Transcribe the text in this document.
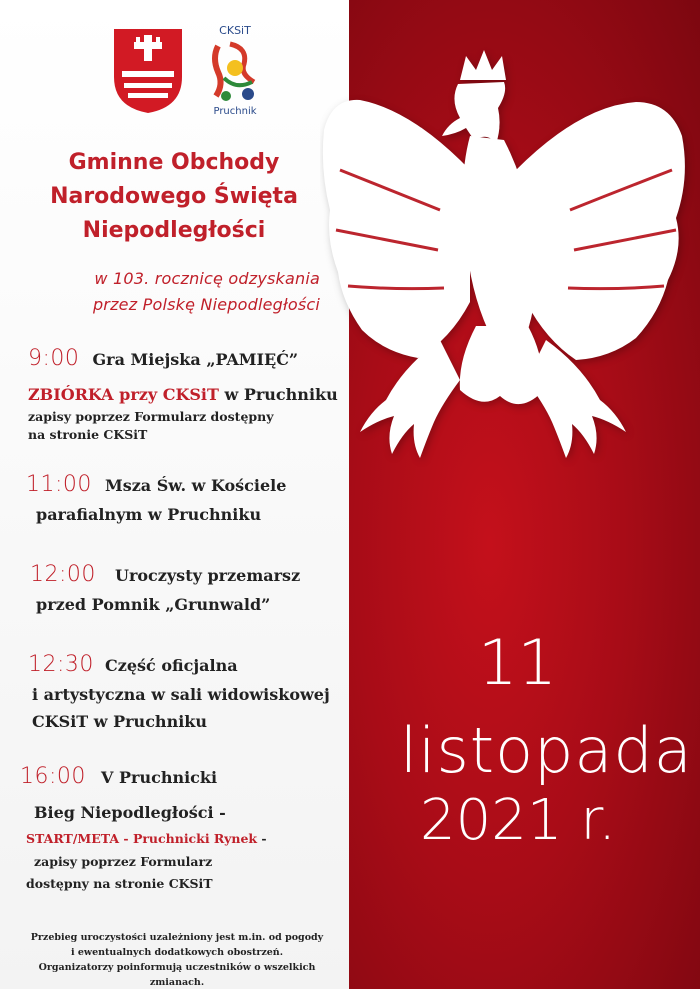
CKSiT
Pruchnik
Gminne Obchody
Narodowego Święta
Niepodległości
w 103. rocznicę odzyskania
przez Polskę Niepodległości
9:00 Gra Miejska „PAMIĘĆ”
ZBIÓRKA przy CKSiT w Pruchniku
zapisy poprzez Formularz dostępny
na stronie CKSiT
11:00 Msza Św. w Kościele
parafialnym w Pruchniku
12:00 Uroczysty przemarsz
przed Pomnik „Grunwald”
12:30 Część oficjalna
i artystyczna w sali widowiskowej
CKSiT w Pruchniku
16:00 V Pruchnicki
Bieg Niepodległości -
START/META - Pruchnicki Rynek -
zapisy poprzez Formularz
dostępny na stronie CKSiT
Przebieg uroczystości uzależniony jest m.in. od pogody
i ewentualnych dodatkowych obostrzeń.
Organizatorzy poinformują uczestników o wszelkich zmianach.
11
listopada
2021 r.
